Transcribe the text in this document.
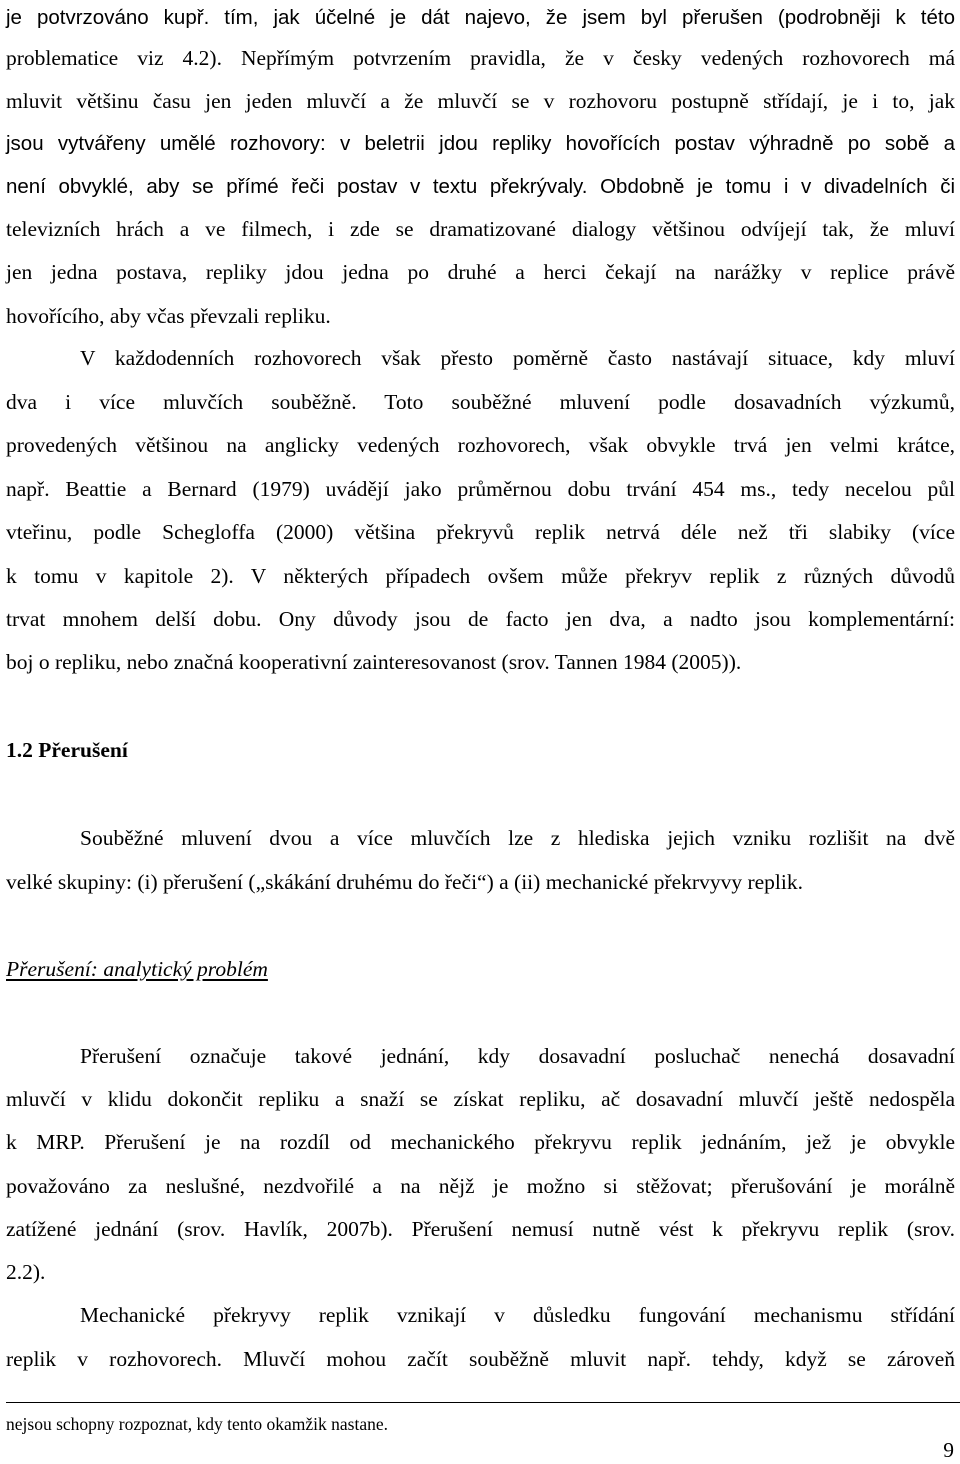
je potvrzováno kupř. tím, jak účelné je dát najevo, že jsem byl přerušen (podrobněji k této
problematice viz 4.2). Nepřímým potvrzením pravidla, že v česky vedených rozhovorech má
mluvit většinu času jen jeden mluvčí a že mluvčí se v rozhovoru postupně střídají, je i to, jak
jsou vytvářeny umělé rozhovory: v beletrii jdou repliky hovořících postav výhradně po sobě a
není obvyklé, aby se přímé řeči postav v textu překrývaly. Obdobně je tomu i v divadelních či
televizních hrách a ve filmech, i zde se dramatizované dialogy většinou odvíjejí tak, že mluví
jen jedna postava, repliky jdou jedna po druhé a herci čekají na narážky v replice právě
hovořícího, aby včas převzali repliku.
V každodenních rozhovorech však přesto poměrně často nastávají situace, kdy mluví
dva i více mluvčích souběžně. Toto souběžné mluvení podle dosavadních výzkumů,
provedených většinou na anglicky vedených rozhovorech, však obvykle trvá jen velmi krátce,
např. Beattie a Bernard (1979) uvádějí jako průměrnou dobu trvání 454 ms., tedy necelou půl
vteřinu, podle Schegloffa (2000) většina překryvů replik netrvá déle než tři slabiky (více
k tomu v kapitole 2). V některých případech ovšem může překryv replik z různých důvodů
trvat mnohem delší dobu. Ony důvody jsou de facto jen dva, a nadto jsou komplementární:
boj o repliku, nebo značná kooperativní zainteresovanost (srov. Tannen 1984 (2005)).
1.2 Přerušení
Souběžné mluvení dvou a více mluvčích lze z hlediska jejich vzniku rozlišit na dvě
velké skupiny: (i) přerušení („skákání druhému do řeči“) a (ii) mechanické překrvyvy replik.
Přerušení: analytický problém
Přerušení označuje takové jednání, kdy dosavadní posluchač nenechá dosavadní
mluvčí v klidu dokončit repliku a snaží se získat repliku, ač dosavadní mluvčí ještě nedospěla
k MRP. Přerušení je na rozdíl od mechanického překryvu replik jednáním, jež je obvykle
považováno za neslušné, nezdvořilé a na nějž je možno si stěžovat; přerušování je morálně
zatížené jednání (srov. Havlík, 2007b). Přerušení nemusí nutně vést k překryvu replik (srov.
2.2).
Mechanické překryvy replik vznikají v důsledku fungování mechanismu střídání
replik v rozhovorech. Mluvčí mohou začít souběžně mluvit např. tehdy, když se zároveň
nejsou schopny rozpoznat, kdy tento okamžik nastane.
9
